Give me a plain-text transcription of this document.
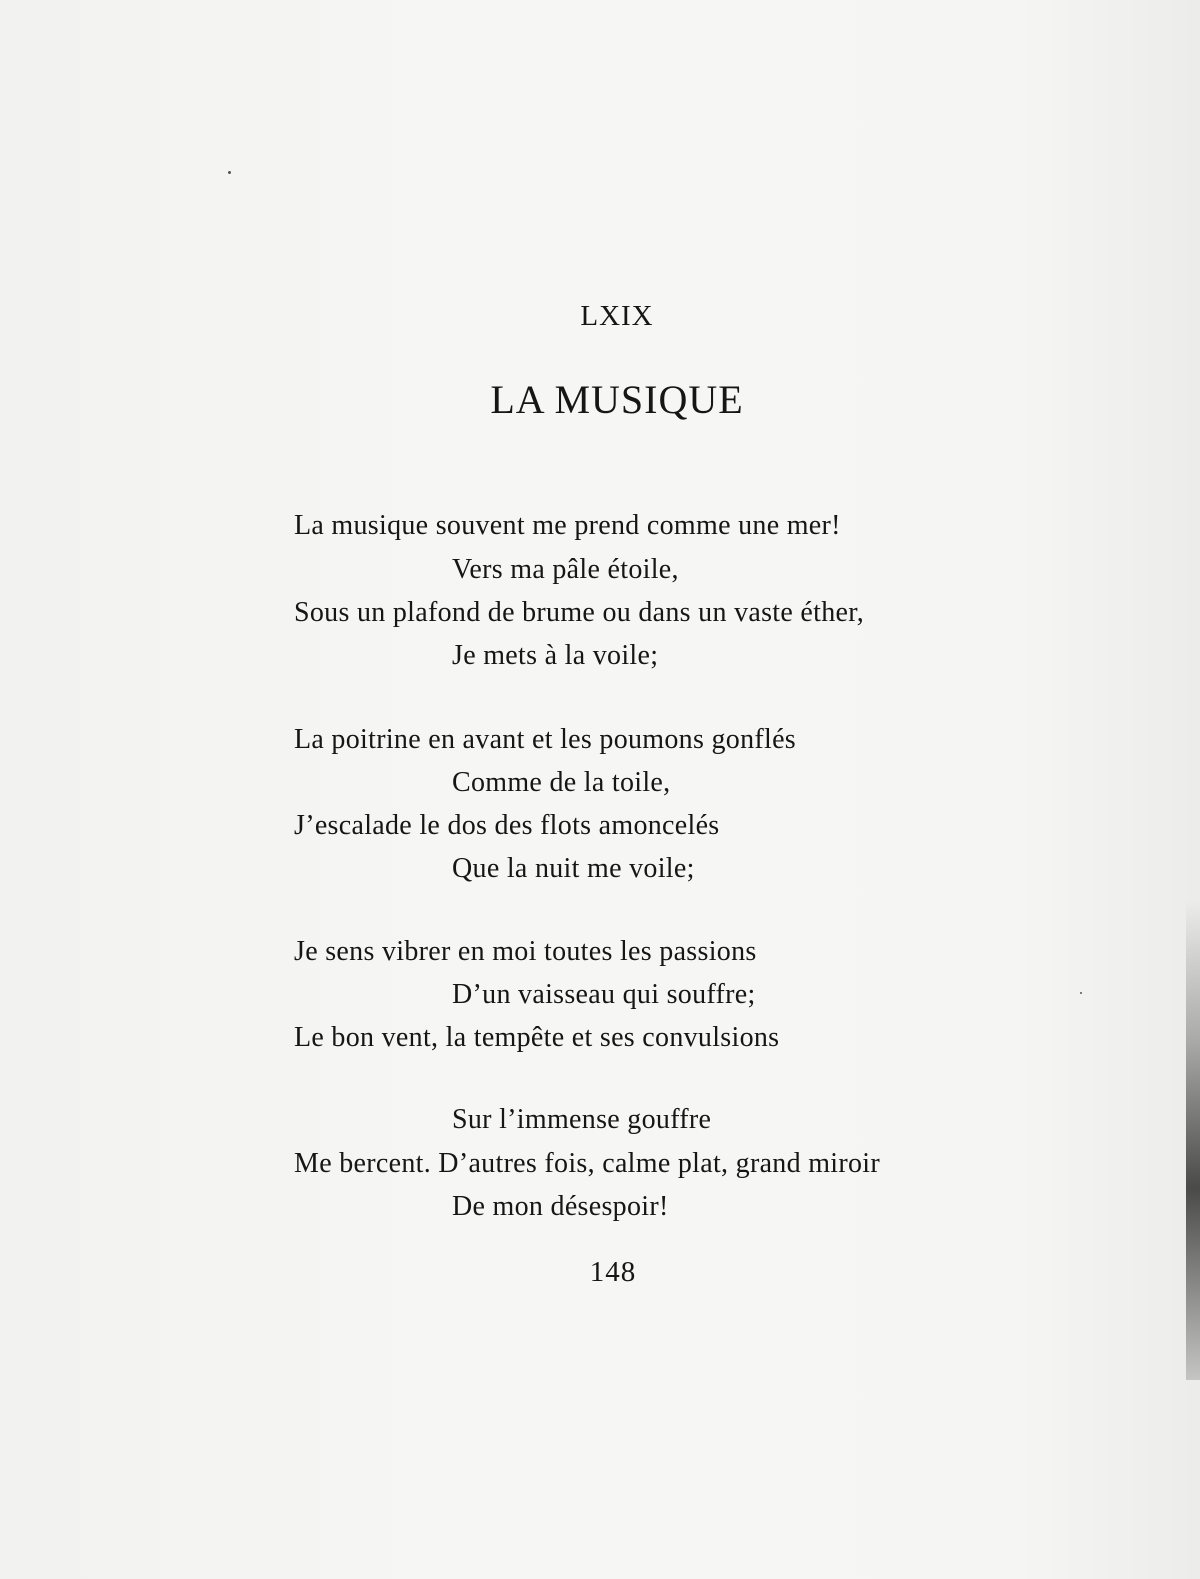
LXIX
LA MUSIQUE
La musique souvent me prend comme une mer!
Vers ma pâle étoile,
Sous un plafond de brume ou dans un vaste éther,
Je mets à la voile;
La poitrine en avant et les poumons gonflés
Comme de la toile,
J’escalade le dos des flots amoncelés
Que la nuit me voile;
Je sens vibrer en moi toutes les passions
D’un vaisseau qui souffre;
Le bon vent, la tempête et ses convulsions
Sur l’immense gouffre
Me bercent. D’autres fois, calme plat, grand miroir
De mon désespoir!
148
